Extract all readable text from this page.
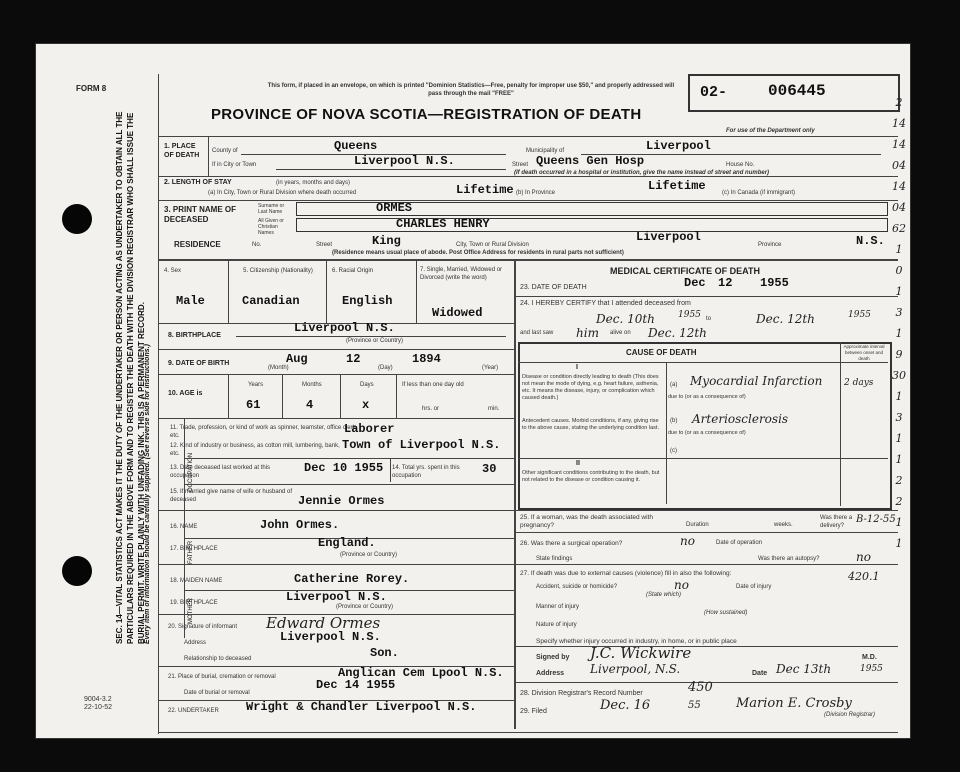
SEC. 14—VITAL STATISTICS ACT MAKES IT THE DUTY OF THE UNDERTAKER OR PERSON ACTING AS UNDERTAKER TO OBTAIN ALL THE PARTICULARS REQUIRED IN THE ABOVE FORM AND TO REGISTER THE DEATH WITH THE DIVISION REGISTRAR WHO SHALL ISSUE THE BURIAL PERMIT. WRITE PLAINLY WITH UNFADING INK. THIS IS A PERMANENT RECORD.
Every item of information should be carefully supplied. (See reverse side for instructions.)
FORM 8	This form, if placed in an envelope, on which is printed "Dominion Statistics—Free, penalty for improper use $50," and properly addressed will pass through the mail "FREE"
PROVINCE OF NOVA SCOTIA—REGISTRATION OF DEATH
02-	006445
For use of the Department only
1. PLACE OF DEATH
County of	Queens	Municipality of	Liverpool
If in City or Town	Liverpool N.S.	Street Queens Gen Hosp	House No.
(If death occurred in a hospital or institution, give the name instead of street and number)
2. LENGTH OF STAY	(in years, months and days)
(a) In City, Town or Rural Division where death occurred	Lifetime (b) In Province	Lifetime	(c) In Canada (if immigrant)
3. PRINT NAME OF DECEASED
Surname or Last Name	ORMES
All Given or Christian Names
CHARLES HENRY
RESIDENCE	No.	Street	King	City, Town or Rural Division
Liverpool
Province	N.S.
(Residence means usual place of abode. Post Office Address for residents in rural parts not sufficient)
4. Sex
Male
5. Citizenship (Nationality)
Canadian
6. Racial Origin
English
7. Single, Married, Widowed or Divorced (write the word)
Widowed
8. BIRTHPLACE
Liverpool N.S.
(Province or Country)
9. DATE OF BIRTH	Aug
(Month)
12
(Day)
1894
(Year)
10. AGE is
Years
61
Months
4
Days
x
If less than one day old
hrs. or	min.
OCCUPATION
11. Trade, profession, or kind of work as spinner, teamster, office clerk, etc.	Laborer
12. Kind of industry or business, as cotton mill, lumbering, bank, etc.
Town of Liverpool N.S.
13. Date deceased last worked at this occupation
Dec 10 1955 14. Total yrs. spent in this occupation	30
15. If married give name of wife or husband of deceased	Jennie Ormes
FATHER
16. NAME	John Ormes.
17. BIRTHPLACE	England.
(Province or Country)
MOTHER
18. MAIDEN NAME	Catherine Rorey.
19. BIRTHPLACE	Liverpool N.S.
(Province or Country)
20. Signature of informant Edward Ormes
Address	Liverpool N.S.
Relationship to deceased	Son.
21. Place of burial, cremation or removal	Anglican Cem Lpool N.S.
Date of burial or removal
Dec 14 1955
22. UNDERTAKER Wright & Chandler Liverpool N.S.
9004-3.2
22-10-52
MEDICAL CERTIFICATE OF DEATH
23. DATE OF DEATH	Dec 12 1955
24. I HEREBY CERTIFY that I attended deceased from
Dec. 10th	1955 to	Dec. 12th	1955
and last saw him alive on Dec. 12th
CAUSE OF DEATH
Approximate interval between onset and death
I
Disease or condition directly leading to death (This does not mean the mode of dying, e.g. heart failure, asthenia, etc. It means the disease, injury, or complication which caused death.)
(a) Myocardial Infarction 2 days
due to (or as a consequence of)
Antecedent causes. Morbid conditions, if any, giving rise to the above cause, stating the underlying condition last.
(b) Arteriosclerosis
due to (or as a consequence of)
(c)
II
Other significant conditions contributing to the death, but not related to the disease or condition causing it.
25. If a woman, was the death associated with pregnancy?	Duration	weeks.
Was there a delivery?
B-12-55
26. Was there a surgical operation?	no	Date of operation
State findings	Was there an autopsy?	no
27. If death was due to external causes (violence) fill in also the following:	420.1
Accident, suicide or homicide?	no
(State which)
Date of injury
Manner of injury
(How sustained)
Nature of injury
Specify whether injury occurred in industry, in home, or in public place
Signed by J.C. Wickwire	M.D.
Address Liverpool, N.S.	Date Dec 13th	1955
28. Division Registrar's Record Number	450
29. Filed	Dec. 16	55	Marion E. Crosby
(Division Registrar)
2
14
14
04
14
04
62
1
0
1
3
1
9
30
1
3
1
1
2
2
1
1
